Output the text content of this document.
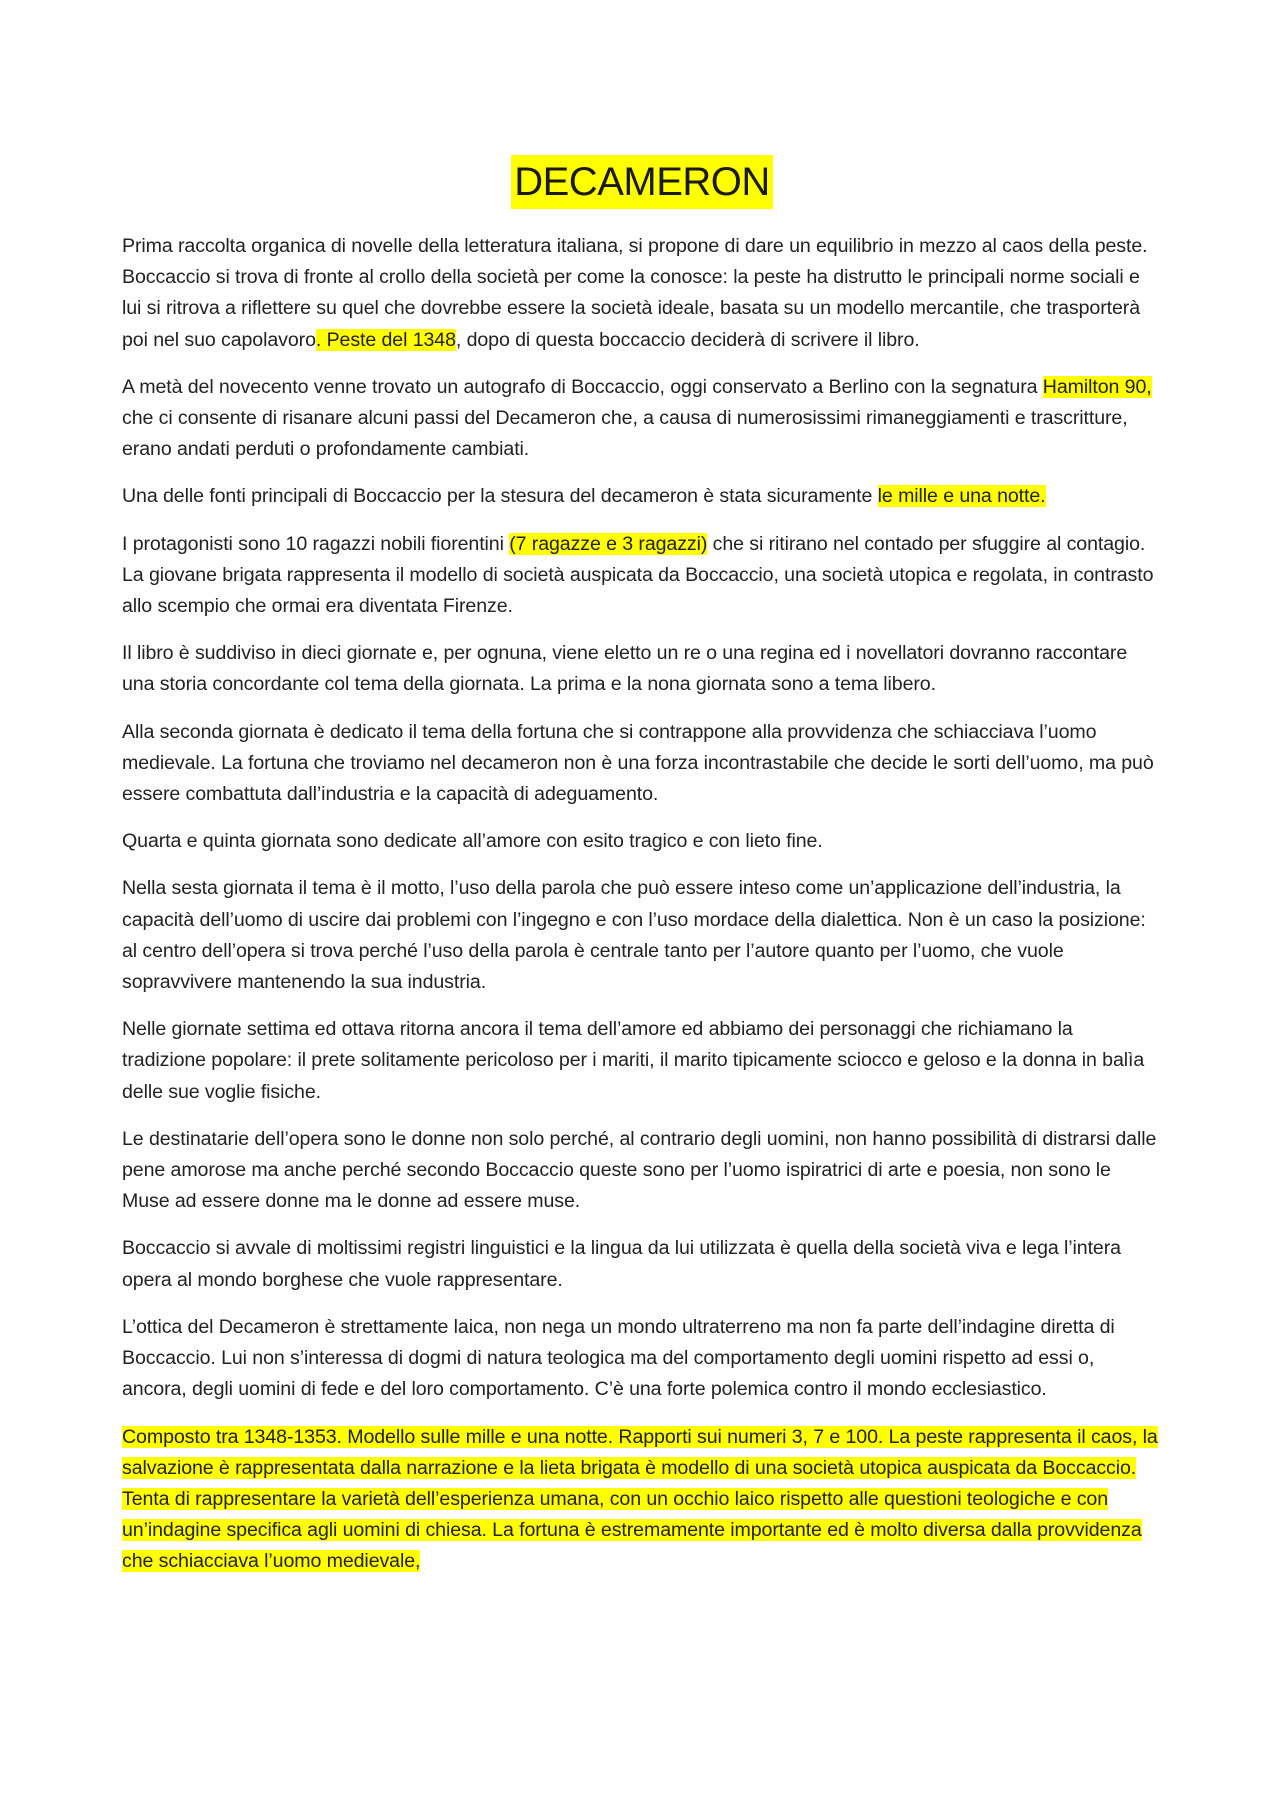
DECAMERON

Prima raccolta organica di novelle della letteratura italiana, si propone di dare un equilibrio in mezzo al caos della peste. Boccaccio si trova di fronte al crollo della società per come la conosce: la peste ha distrutto le principali norme sociali e lui si ritrova a riflettere su quel che dovrebbe essere la società ideale, basata su un modello mercantile, che trasporterà poi nel suo capolavoro. Peste del 1348, dopo di questa boccaccio deciderà di scrivere il libro.

A metà del novecento venne trovato un autografo di Boccaccio, oggi conservato a Berlino con la segnatura Hamilton 90, che ci consente di risanare alcuni passi del Decameron che, a causa di numerosissimi rimaneggiamenti e trascritture, erano andati perduti o profondamente cambiati.

Una delle fonti principali di Boccaccio per la stesura del decameron è stata sicuramente le mille e una notte.

I protagonisti sono 10 ragazzi nobili fiorentini (7 ragazze e 3 ragazzi) che si ritirano nel contado per sfuggire al contagio. La giovane brigata rappresenta il modello di società auspicata da Boccaccio, una società utopica e regolata, in contrasto allo scempio che ormai era diventata Firenze.

Il libro è suddiviso in dieci giornate e, per ognuna, viene eletto un re o una regina ed i novellatori dovranno raccontare una storia concordante col tema della giornata. La prima e la nona giornata sono a tema libero.

Alla seconda giornata è dedicato il tema della fortuna che si contrappone alla provvidenza che schiacciava l’uomo medievale. La fortuna che troviamo nel decameron non è una forza incontrastabile che decide le sorti dell’uomo, ma può essere combattuta dall’industria e la capacità di adeguamento.

Quarta e quinta giornata sono dedicate all’amore con esito tragico e con lieto fine.

Nella sesta giornata il tema è il motto, l’uso della parola che può essere inteso come un’applicazione dell’industria, la capacità dell’uomo di uscire dai problemi con l’ingegno e con l’uso mordace della dialettica. Non è un caso la posizione: al centro dell’opera si trova perché l’uso della parola è centrale tanto per l’autore quanto per l’uomo, che vuole sopravvivere mantenendo la sua industria.

Nelle giornate settima ed ottava ritorna ancora il tema dell’amore ed abbiamo dei personaggi che richiamano la tradizione popolare: il prete solitamente pericoloso per i mariti, il marito tipicamente sciocco e geloso e la donna in balìa delle sue voglie fisiche.

Le destinatarie dell’opera sono le donne non solo perché, al contrario degli uomini, non hanno possibilità di distrarsi dalle pene amorose ma anche perché secondo Boccaccio queste sono per l’uomo ispiratrici di arte e poesia, non sono le Muse ad essere donne ma le donne ad essere muse.

Boccaccio si avvale di moltissimi registri linguistici e la lingua da lui utilizzata è quella della società viva e lega l’intera opera al mondo borghese che vuole rappresentare.

L’ottica del Decameron è strettamente laica, non nega un mondo ultraterreno ma non fa parte dell’indagine diretta di Boccaccio. Lui non s’interessa di dogmi di natura teologica ma del comportamento degli uomini rispetto ad essi o, ancora, degli uomini di fede e del loro comportamento. C’è una forte polemica contro il mondo ecclesiastico.

Composto tra 1348-1353. Modello sulle mille e una notte. Rapporti sui numeri 3, 7 e 100. La peste rappresenta il caos, la salvazione è rappresentata dalla narrazione e la lieta brigata è modello di una società utopica auspicata da Boccaccio. Tenta di rappresentare la varietà dell’esperienza umana, con un occhio laico rispetto alle questioni teologiche e con un’indagine specifica agli uomini di chiesa. La fortuna è estremamente importante ed è molto diversa dalla provvidenza che schiacciava l’uomo medievale,
